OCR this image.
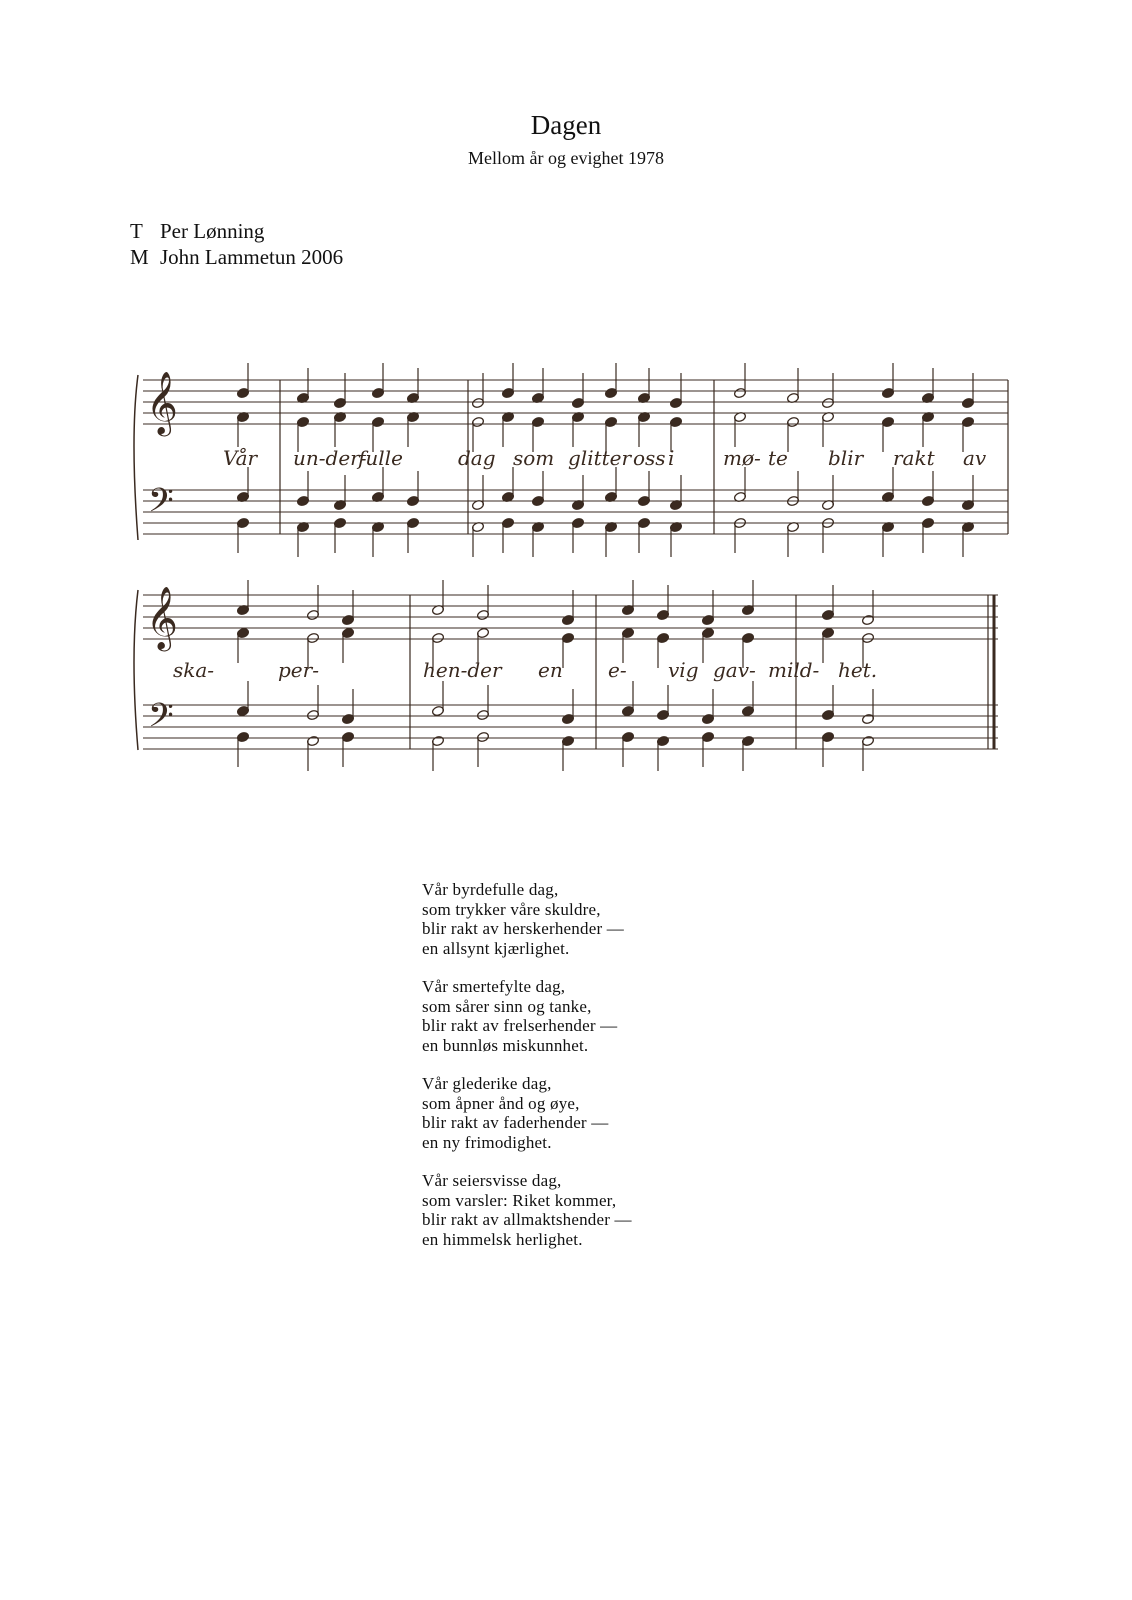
Dagen
Mellom år og evighet 1978
T Per Lønning
M John Lammetun 2006
𝄞
𝄢
Vår un-der-
fulle	dag som glitter oss i mø- te blir rakt av
𝄞
𝄢
ska-	per-	hen-der en e- vig gav- mild- het.
Vår byrdefulle dag,
som trykker våre skuldre,
blir rakt av herskerhender —
en allsynt kjærlighet.
Vår smertefylte dag,
som sårer sinn og tanke,
blir rakt av frelserhender —
en bunnløs miskunnhet.
Vår glederike dag,
som åpner ånd og øye,
blir rakt av faderhender —
en ny frimodighet.
Vår seiersvisse dag,
som varsler: Riket kommer,
blir rakt av allmaktshender —
en himmelsk herlighet.
